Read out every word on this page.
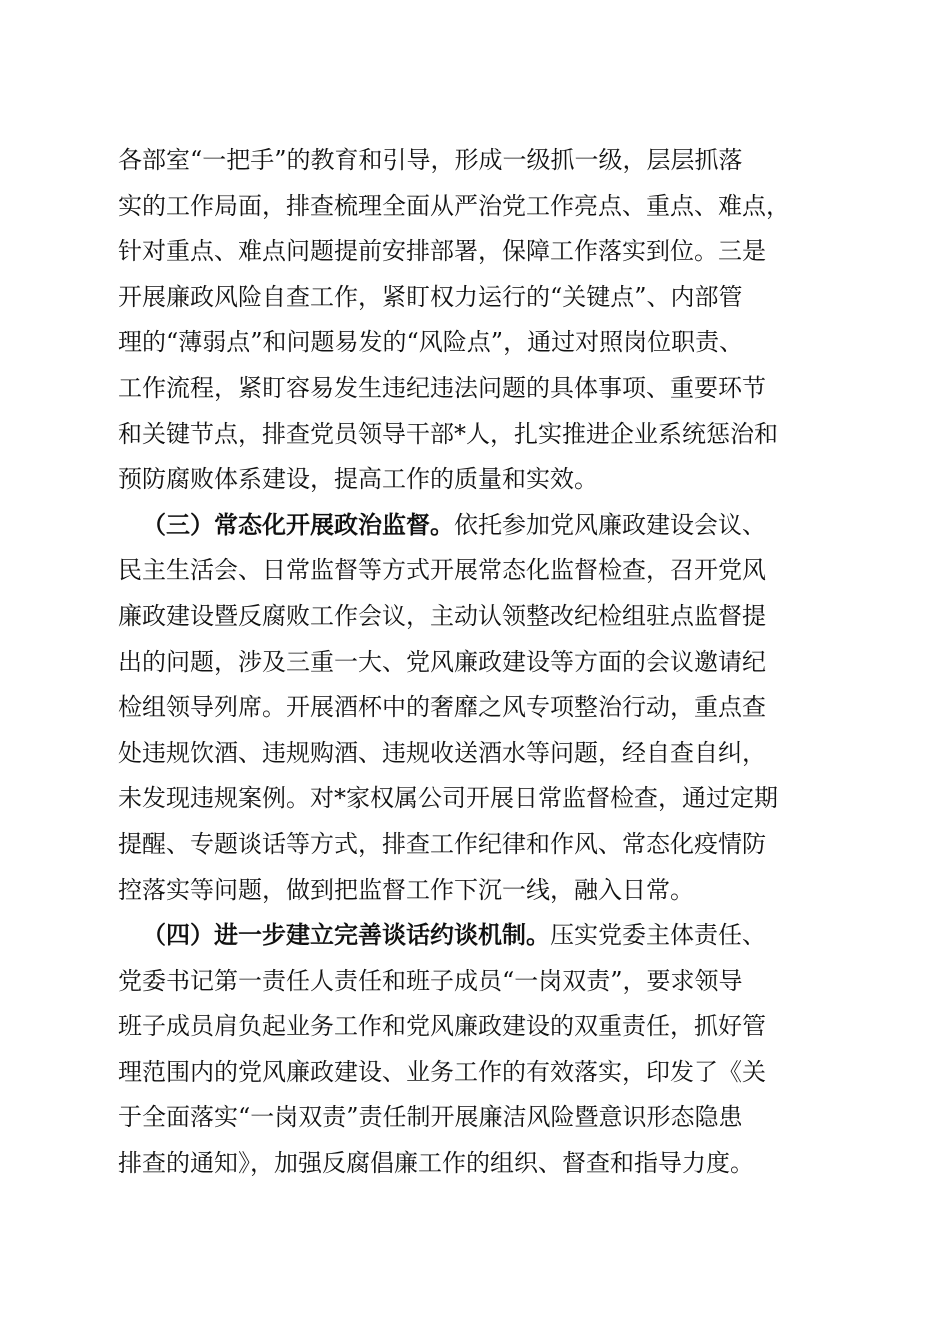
各部室“一把手”的教育和引导，形成一级抓一级，层层抓落
实的工作局面，排查梳理全面从严治党工作亮点、重点、难点，
针对重点、难点问题提前安排部署，保障工作落实到位。三是
开展廉政风险自查工作，紧盯权力运行的“关键点”、内部管
理的“薄弱点”和问题易发的“风险点”，通过对照岗位职责、
工作流程，紧盯容易发生违纪违法问题的具体事项、重要环节
和关键节点，排查党员领导干部*人，扎实推进企业系统惩治和
预防腐败体系建设，提高工作的质量和实效。
（三）常态化开展政治监督。依托参加党风廉政建设会议、
民主生活会、日常监督等方式开展常态化监督检查，召开党风
廉政建设暨反腐败工作会议，主动认领整改纪检组驻点监督提
出的问题，涉及三重一大、党风廉政建设等方面的会议邀请纪
检组领导列席。开展酒杯中的奢靡之风专项整治行动，重点查
处违规饮酒、违规购酒、违规收送酒水等问题，经自查自纠，
未发现违规案例。对*家权属公司开展日常监督检查，通过定期
提醒、专题谈话等方式，排查工作纪律和作风、常态化疫情防
控落实等问题，做到把监督工作下沉一线，融入日常。
（四）进一步建立完善谈话约谈机制。压实党委主体责任、
党委书记第一责任人责任和班子成员“一岗双责”，要求领导
班子成员肩负起业务工作和党风廉政建设的双重责任，抓好管
理范围内的党风廉政建设、业务工作的有效落实，印发了《关
于全面落实“一岗双责”责任制开展廉洁风险暨意识形态隐患
排查的通知》，加强反腐倡廉工作的组织、督查和指导力度。
